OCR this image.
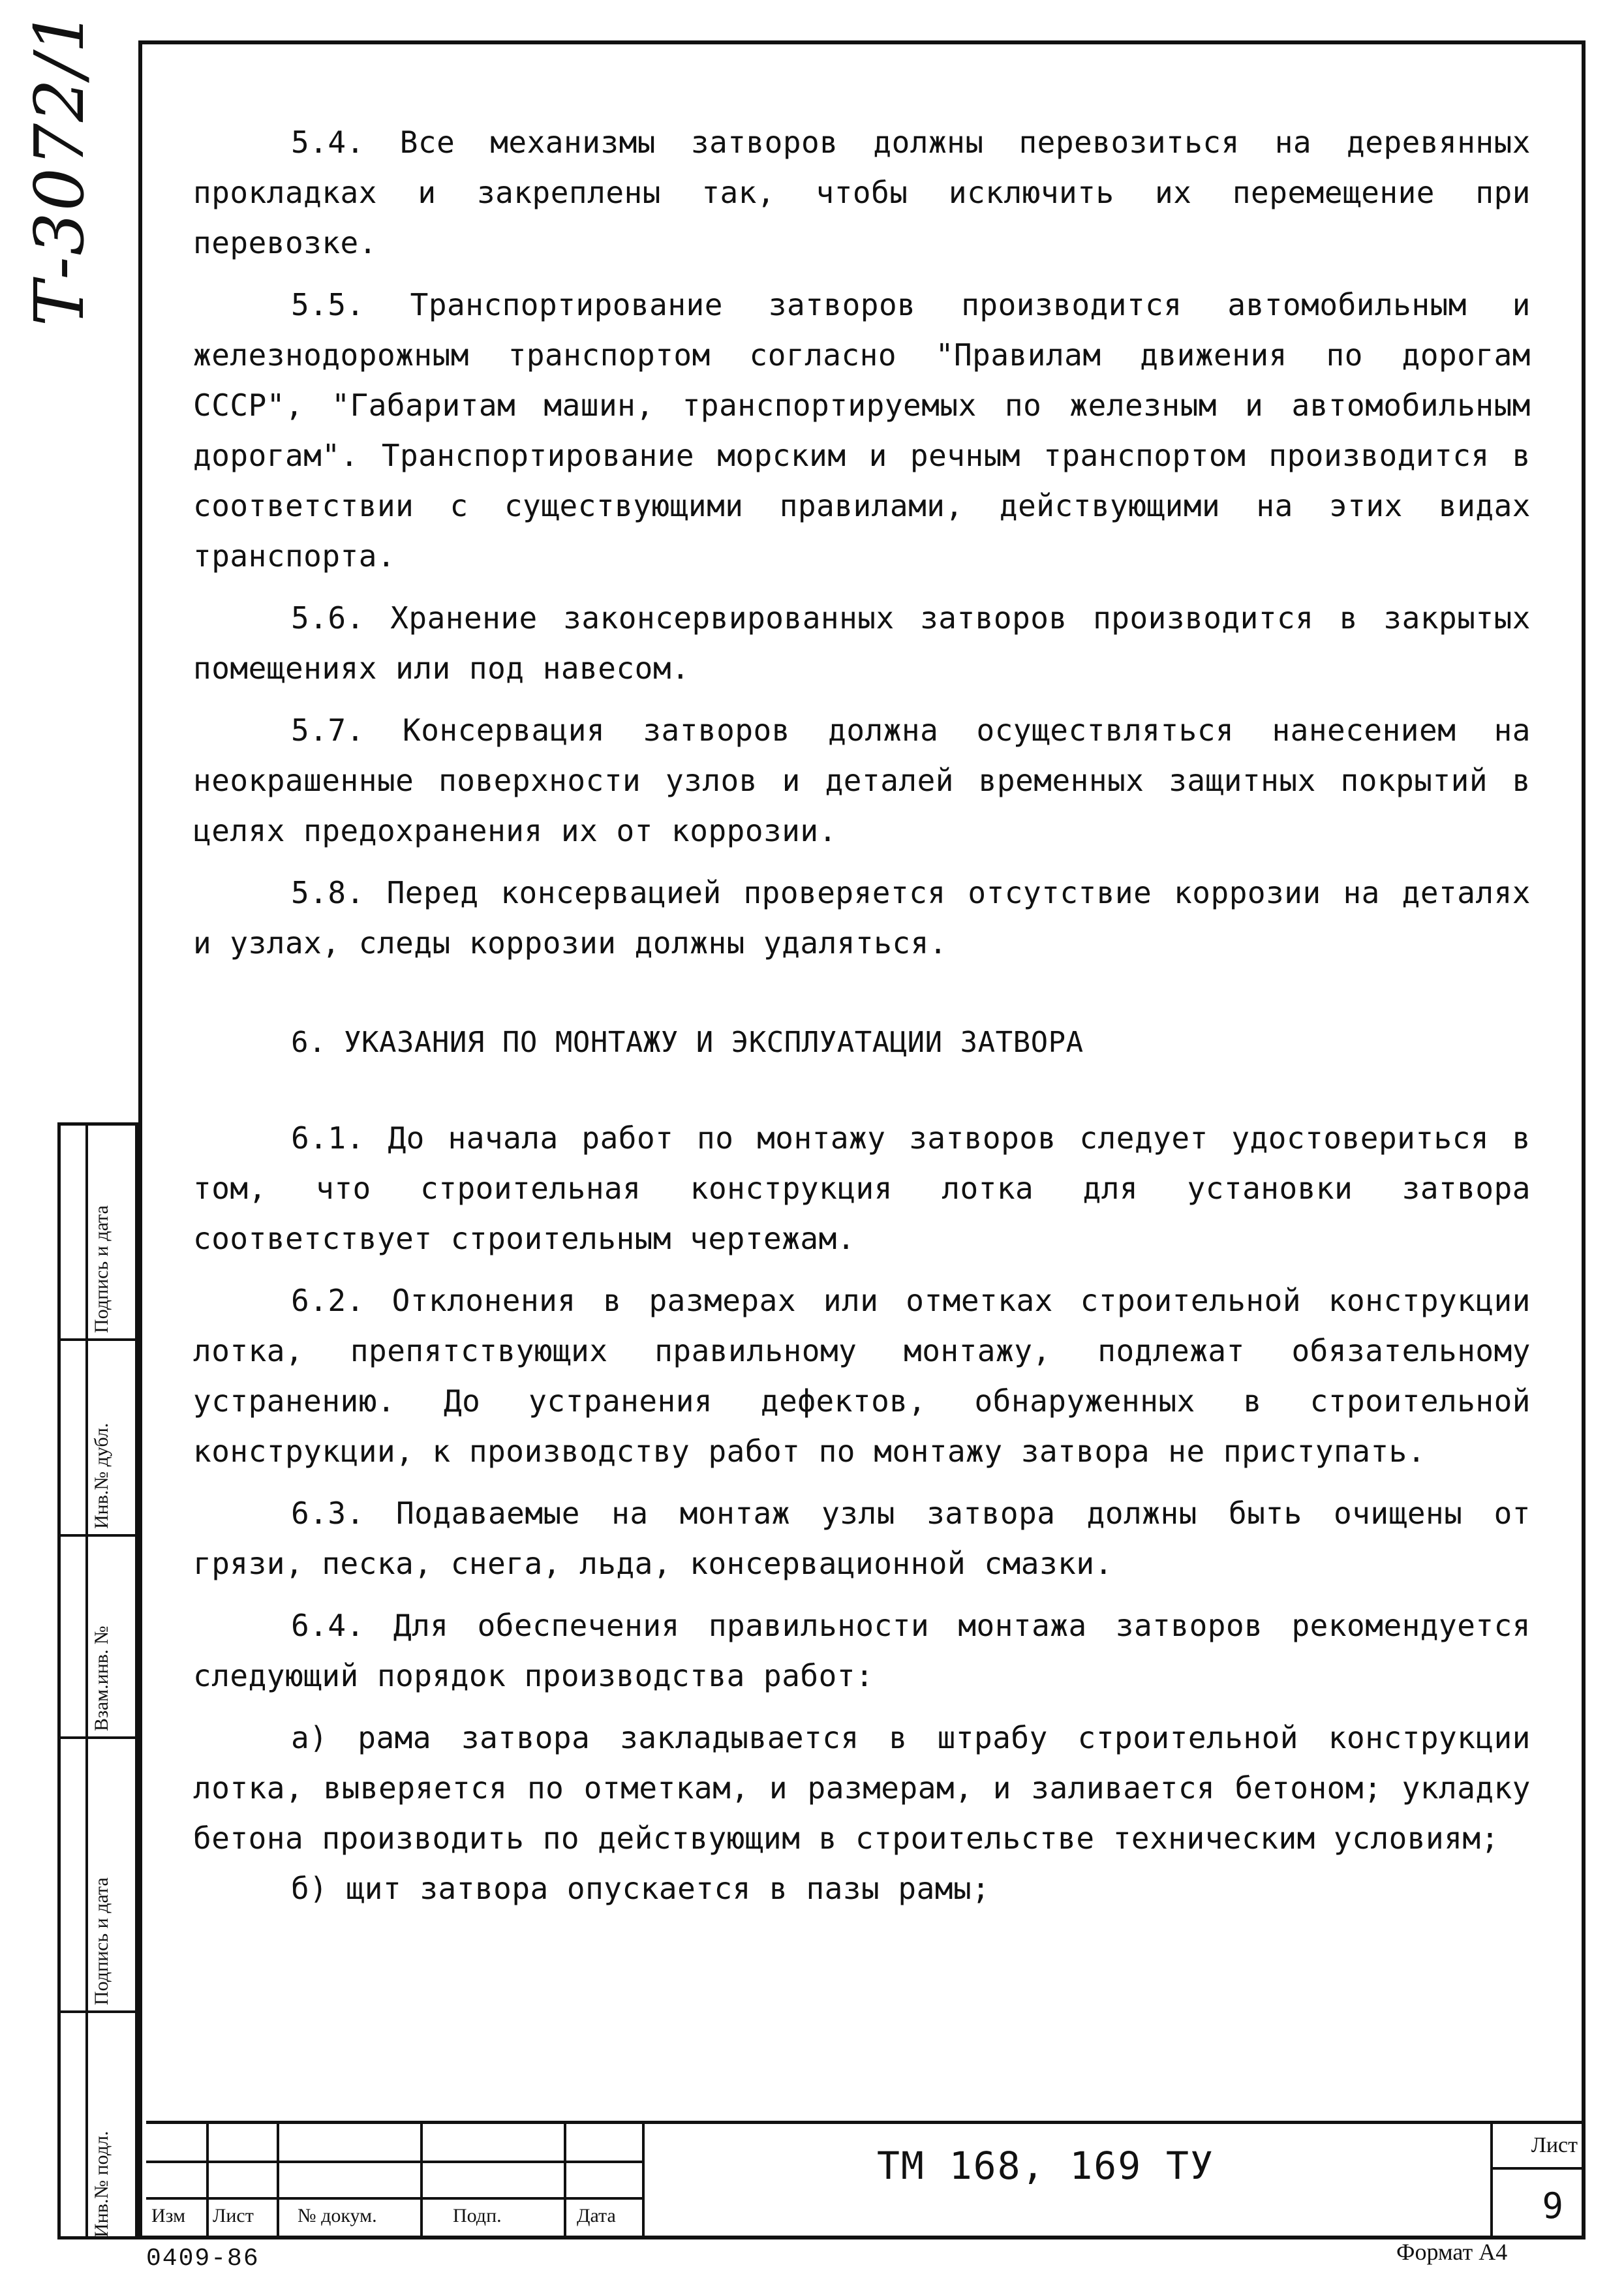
Т-3072/1
Подпись и дата
Инв.№ дубл.
Взам.инв. №
Подпись и дата
Инв.№ подл.

5.4. Все механизмы затворов должны перевозиться на деревянных прокладках и закреплены так, чтобы исключить их перемещение при перевозке.

5.5. Транспортирование затворов производится автомобильным и железнодорожным транспортом согласно "Правилам движения по дорогам СССР", "Габаритам машин, транспортируемых по железным и автомобильным дорогам". Транспортирование морским и речным транспортом производится в соответствии с существующими правилами, действующими на этих видах транспорта.

5.6. Хранение законсервированных затворов производится в закрытых помещениях или под навесом.

5.7. Консервация затворов должна осуществляться нанесением на неокрашенные поверхности узлов и деталей временных защитных покрытий в целях предохранения их от коррозии.

5.8. Перед консервацией проверяется отсутствие коррозии на деталях и узлах, следы коррозии должны удаляться.

6. УКАЗАНИЯ ПО МОНТАЖУ И ЭКСПЛУАТАЦИИ ЗАТВОРА

6.1. До начала работ по монтажу затворов следует удостовериться в том, что строительная конструкция лотка для установки затвора соответствует строительным чертежам.

6.2. Отклонения в размерах или отметках строительной конструкции лотка, препятствующих правильному монтажу, подлежат обязательному устранению. До устранения дефектов, обнаруженных в строительной конструкции, к производству работ по монтажу затвора не приступать.

6.3. Подаваемые на монтаж узлы затвора должны быть очищены от грязи, песка, снега, льда, консервационной смазки.

6.4. Для обеспечения правильности монтажа затворов рекомендуется следующий порядок производства работ:

а) рама затвора закладывается в штрабу строительной конструкции лотка, выверяется по отметкам, и размерам, и заливается бетоном; укладку бетона производить по действующим в строительстве техническим условиям;

б) щит затвора опускается в пазы рамы;

Изм Лист № докум.	Подп.	Дата
ТМ 168, 169 ТУ	Лист
9
0409-86	Формат А4
